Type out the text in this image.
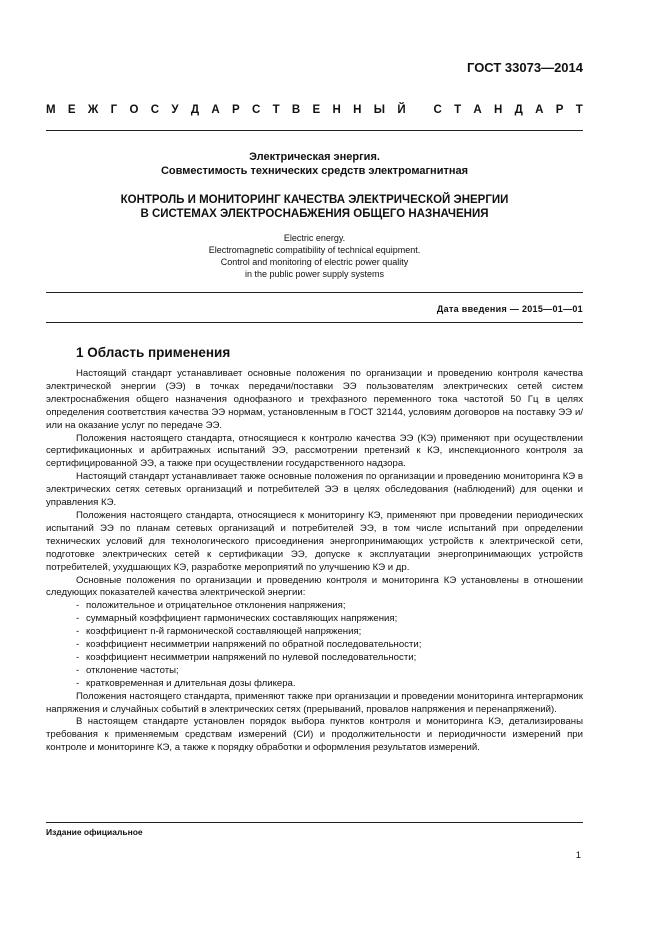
ГОСТ 33073—2014
М Е Ж Г О С У Д А Р С Т В Е Н Н Ы Й
С Т А Н Д А Р Т
Электрическая энергия.
Совместимость технических средств электромагнитная
КОНТРОЛЬ И МОНИТОРИНГ КАЧЕСТВА ЭЛЕКТРИЧЕСКОЙ ЭНЕРГИИ
В СИСТЕМАХ ЭЛЕКТРОСНАБЖЕНИЯ ОБЩЕГО НАЗНАЧЕНИЯ
Electric energy.
Electromagnetic compatibility of technical equipment.
Control and monitoring of electric power quality
in the public power supply systems
Дата введения — 2015—01—01
1 Область применения

Настоящий стандарт устанавливает основные положения по организации и проведению контроля качества электрической энергии (ЭЭ) в точках передачи/поставки ЭЭ пользователям электрических сетей систем электроснабжения общего назначения однофазного и трехфазного переменного тока частотой 50 Гц в целях определения соответствия качества ЭЭ нормам, установленным в ГОСТ 32144, условиям договоров на поставку ЭЭ и/или на оказание услуг по передаче ЭЭ.

Положения настоящего стандарта, относящиеся к контролю качества ЭЭ (КЭ) применяют при осуществлении сертификационных и арбитражных испытаний ЭЭ, рассмотрении претензий к КЭ, инспекционного контроля за сертифицированной ЭЭ, а также при осуществлении государственного надзора.

Настоящий стандарт устанавливает также основные положения по организации и проведению мониторинга КЭ в электрических сетях сетевых организаций и потребителей ЭЭ в целях обследования (наблюдений) для оценки и управления КЭ.

Положения настоящего стандарта, относящиеся к мониторингу КЭ, применяют при проведении периодических испытаний ЭЭ по планам сетевых организаций и потребителей ЭЭ, в том числе испытаний при определении технических условий для технологического присоединения энергопринимающих устройств к электрической сети, подготовке электрических сетей к сертификации ЭЭ, допуске к эксплуатации энергопринимающих устройств потребителей, ухудшающих КЭ, разработке мероприятий по улучшению КЭ и др.

Основные положения по организации и проведению контроля и мониторинга КЭ установлены в отношении следующих показателей качества электрической энергии:

- положительное и отрицательное отклонения напряжения;
- суммарный коэффициент гармонических составляющих напряжения;
- коэффициент n-й гармонической составляющей напряжения;
- коэффициент несимметрии напряжений по обратной последовательности;
- коэффициент несимметрии напряжений по нулевой последовательности;
- отклонение частоты;
- кратковременная и длительная дозы фликера.

Положения настоящего стандарта, применяют также при организации и проведении мониторинга интергармоник напряжения и случайных событий в электрических сетях (прерываний, провалов напряжения и перенапряжений).

В настоящем стандарте установлен порядок выбора пунктов контроля и мониторинга КЭ, детализированы требования к применяемым средствам измерений (СИ) и продолжительности и периодичности измерений при контроле и мониторинге КЭ, а также к порядку обработки и оформления результатов измерений.

Издание официальное
1
